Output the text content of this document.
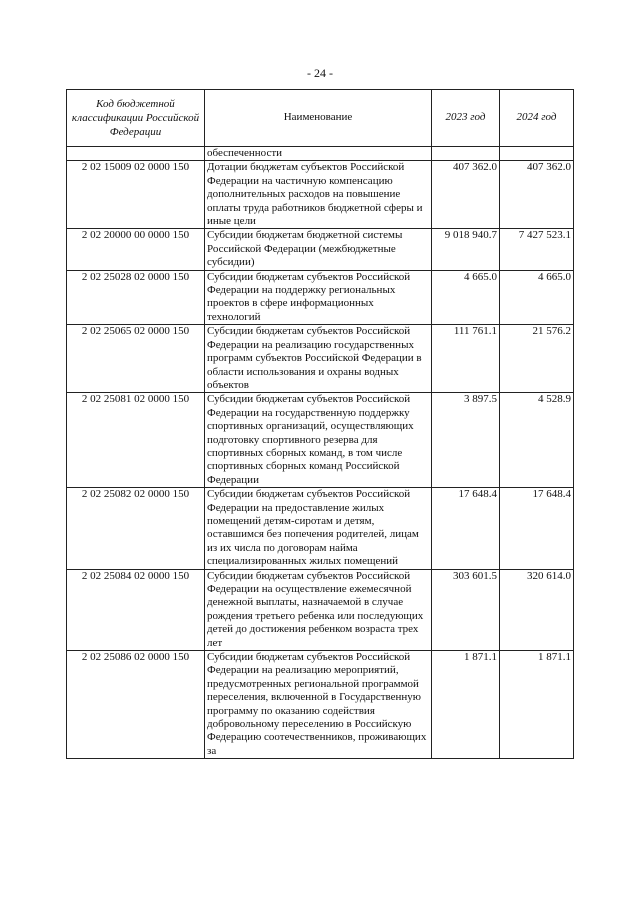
- 24 -
Код бюджетной классификации Российской Федерации	Наименование	2023 год	2024 год
	обеспеченности		
2 02 15009 02 0000 150	Дотации бюджетам субъектов Российской Федерации на частичную компенсацию дополнительных расходов на повышение оплаты труда работников бюджетной сферы и иные цели	407 362.0	407 362.0
2 02 20000 00 0000 150	Субсидии бюджетам бюджетной системы Российской Федерации (межбюджетные субсидии)	9 018 940.7	7 427 523.1
2 02 25028 02 0000 150	Субсидии бюджетам субъектов Российской Федерации на поддержку региональных проектов в сфере информационных технологий	4 665.0	4 665.0
2 02 25065 02 0000 150	Субсидии бюджетам субъектов Российской Федерации на реализацию государственных программ субъектов Российской Федерации в области использования и охраны водных объектов	111 761.1	21 576.2
2 02 25081 02 0000 150	Субсидии бюджетам субъектов Российской Федерации на государственную поддержку спортивных организаций, осуществляющих подготовку спортивного резерва для спортивных сборных команд, в том числе спортивных сборных команд Российской Федерации	3 897.5	4 528.9
2 02 25082 02 0000 150	Субсидии бюджетам субъектов Российской Федерации на предоставление жилых помещений детям-сиротам и детям, оставшимся без попечения родителей, лицам из их числа по договорам найма специализированных жилых помещений	17 648.4	17 648.4
2 02 25084 02 0000 150	Субсидии бюджетам субъектов Российской Федерации на осуществление ежемесячной денежной выплаты, назначаемой в случае рождения третьего ребенка или последующих детей до достижения ребенком возраста трех лет	303 601.5	320 614.0
2 02 25086 02 0000 150	Субсидии бюджетам субъектов Российской Федерации на реализацию мероприятий, предусмотренных региональной программой переселения, включенной в Государственную программу по оказанию содействия добровольному переселению в Российскую Федерацию соотечественников, проживающих за	1 871.1	1 871.1
